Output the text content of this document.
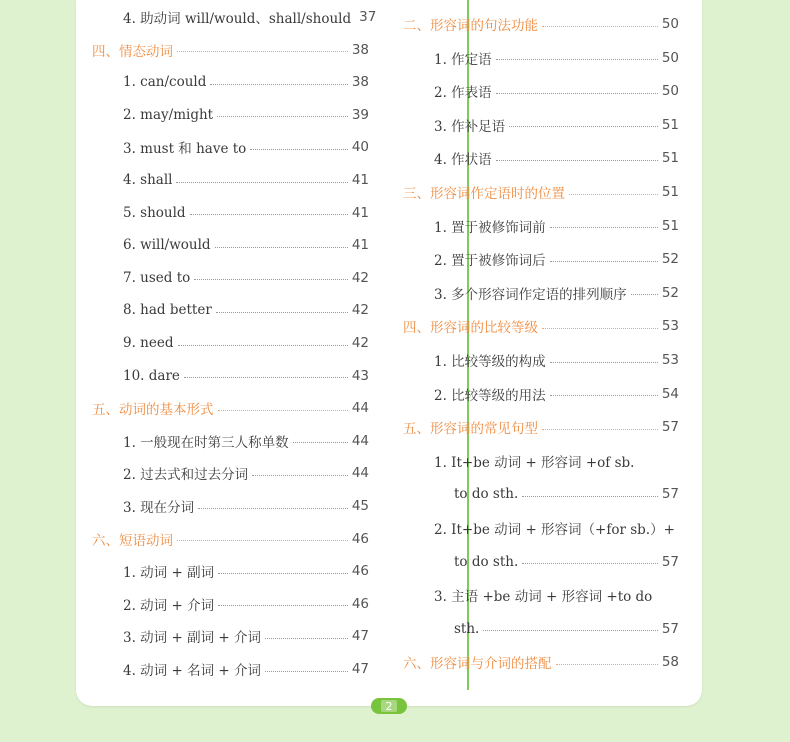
4. 助动词 will/would、shall/should 37
四、情态动词	38
1. can/could	38
2. may/might	39
3. must 和 have to	40
4. shall	41
5. should	41
6. will/would	41
7. used to	42
8. had better	42
9. need	42
10. dare	43
五、动词的基本形式	44
1. 一般现在时第三人称单数	44
2. 过去式和过去分词	44
3. 现在分词	45
六、短语动词	46
1. 动词 + 副词	46
2. 动词 + 介词	46
3. 动词 + 副词 + 介词	47
4. 动词 + 名词 + 介词	47
二、形容词的句法功能	50
1. 作定语	50
2. 作表语	50
3. 作补足语	51
4. 作状语	51
三、形容词作定语时的位置	51
1. 置于被修饰词前	51
2. 置于被修饰词后	52
3. 多个形容词作定语的排列顺序	52
四、形容词的比较等级	53
1. 比较等级的构成	53
2. 比较等级的用法	54
五、形容词的常见句型	57
1. It+be 动词 + 形容词 +of sb.
to do sth.	57
2. It+be 动词 + 形容词（+for sb.）+
to do sth.	57
3. 主语 +be 动词 + 形容词 +to do
sth.	57
六、形容词与介词的搭配	58
2
